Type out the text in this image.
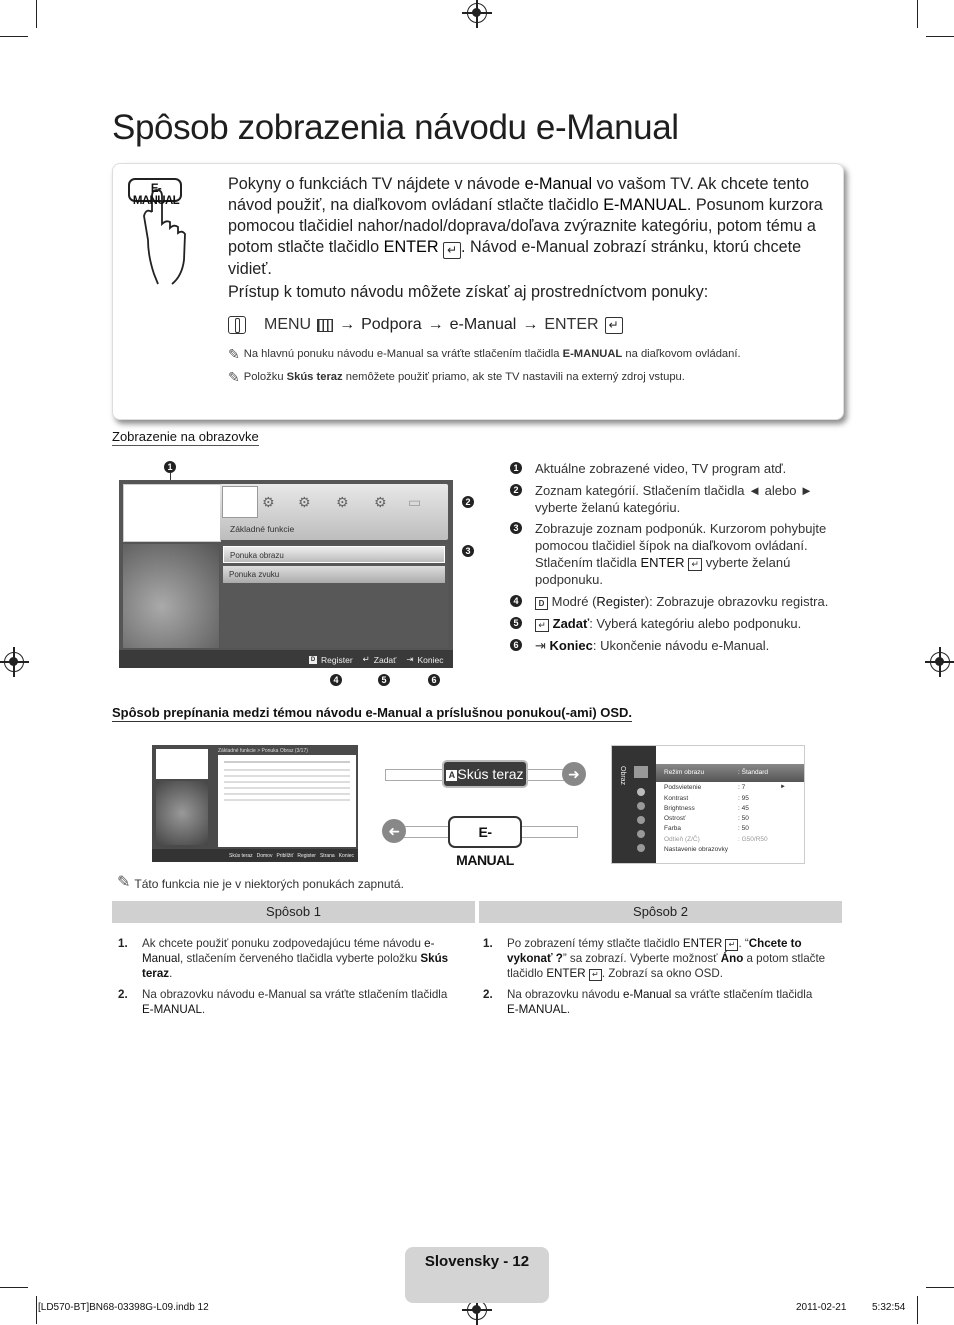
Spôsob zobrazenia návodu e-Manual
E-MANUAL
Pokyny o funkciách TV nájdete v návode e-Manual vo vašom TV. Ak chcete tento návod použiť, na diaľkovom ovládaní stlačte tlačidlo E-MANUAL. Posunom kurzora pomocou tlačidiel nahor/nadol/doprava/doľava zvýraznite kategóriu, potom tému a potom stlačte tlačidlo ENTER ↵ . Návod e-Manual zobrazí stránku, ktorú chcete vidieť.
Prístup k tomuto návodu môžete získať aj prostredníctvom ponuky:
MENU → Podpora → e-Manual → ENTER ↵
✎ Na hlavnú ponuku návodu e-Manual sa vráťte stlačením tlačidla E-MANUAL na diaľkovom ovládaní.
✎ Položku Skús teraz nemôžete použiť priamo, ak ste TV nastavili na externý zdroj vstupu.
Zobrazenie na obrazovke
1
⚙ ⚙ ⚙ ⚙ ▭
Základné funkcie
Ponuka obrazu
Ponuka zvuku
D Register ↵ Zadať ⇥ Koniec
2
3
4	5	6
1	Aktuálne zobrazené video, TV program atď.
2	Zoznam kategórií. Stlačením tlačidla ◄ alebo ► vyberte želanú kategóriu.
3	Zobrazuje zoznam podponúk. Kurzorom pohybujte pomocou tlačidiel šípok na diaľkovom ovládaní. Stlačením tlačidla ENTER ↵ vyberte želanú podponuku.
4	D Modré (Register): Zobrazuje obrazovku registra.
5	↵ Zadať: Vyberá kategóriu alebo podponuku.
6	⇥ Koniec: Ukončenie návodu e-Manual.
Spôsob prepínania medzi témou návodu e-Manual a príslušnou ponukou(-ami) OSD.
Základné funkcie > Ponuka Obraz (3/17)
Skús teraz Domov Priblížiť Register Strana Koniec
➜
A Skús teraz
➜	E-MANUAL
Obraz	Režim obrazu
Podsvietenie
Kontrast
Brightness
Ostrosť
Farba
Odtieň (Z/Č)
Nastavenie obrazovky
: Štandard
: 7
: 95
: 45
: 50
: 50
: G50/R50
►
✎ Táto funkcia nie je v niektorých ponukách zapnutá.
Spôsob 1	Spôsob 2
1. Ak chcete použiť ponuku zodpovedajúcu téme návodu e-Manual, stlačením červeného tlačidla vyberte položku Skús teraz.
2. Na obrazovku návodu e-Manual sa vráťte stlačením tlačidla E-MANUAL.
1. Po zobrazení témy stlačte tlačidlo ENTER ↵ . “Chcete to vykonať ?” sa zobrazí. Vyberte možnosť Áno a potom stlačte tlačidlo ENTER ↵ . Zobrazí sa okno OSD.
2. Na obrazovku návodu e-Manual sa vráťte stlačením tlačidla E-MANUAL.
Slovensky - 12
[LD570-BT]BN68-03398G-L09.indb 12	2011-02-21	5:32:54
